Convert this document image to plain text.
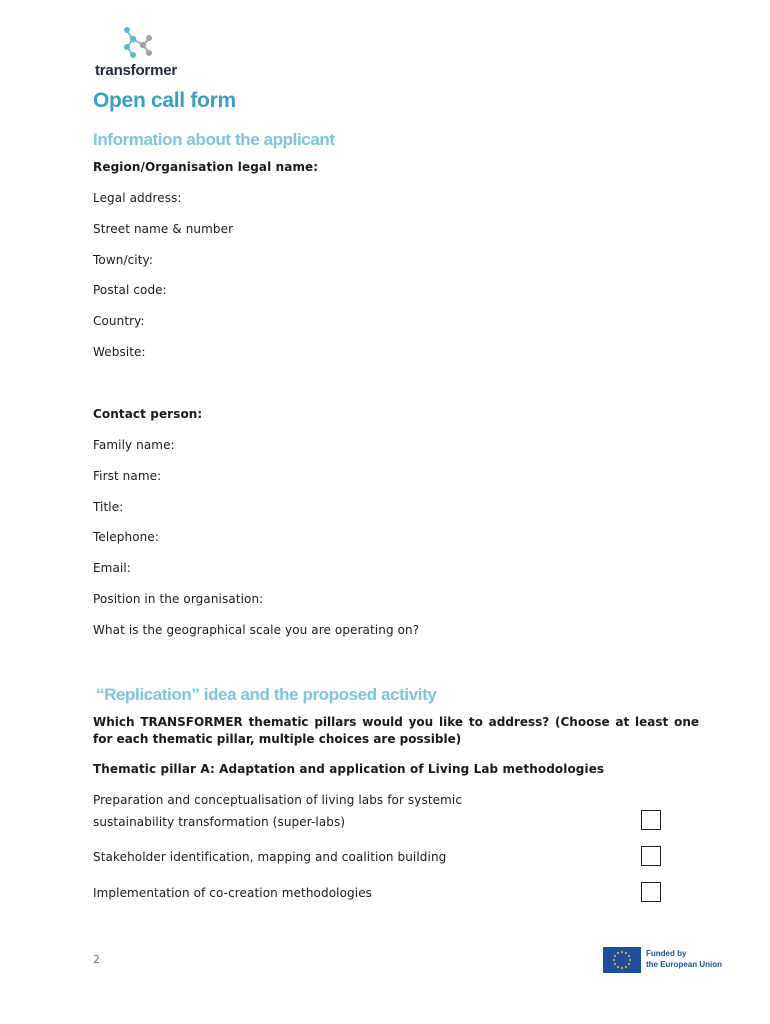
transformer
Open call form
Information about the applicant
Region/Organisation legal name:
Legal address:
Street name & number
Town/city:
Postal code:
Country:
Website:
Contact person:
Family name:
First name:
Title:
Telephone:
Email:
Position in the organisation:
What is the geographical scale you are operating on?
“Replication” idea and the proposed activity
Which TRANSFORMER thematic pillars would you like to address? (Choose at least one for each thematic pillar, multiple choices are possible)
Thematic pillar A: Adaptation and application of Living Lab methodologies
Preparation and conceptualisation of living labs for systemic
sustainability transformation (super-labs)
Stakeholder identification, mapping and coalition building
Implementation of co-creation methodologies
2	Funded by
the European Union
